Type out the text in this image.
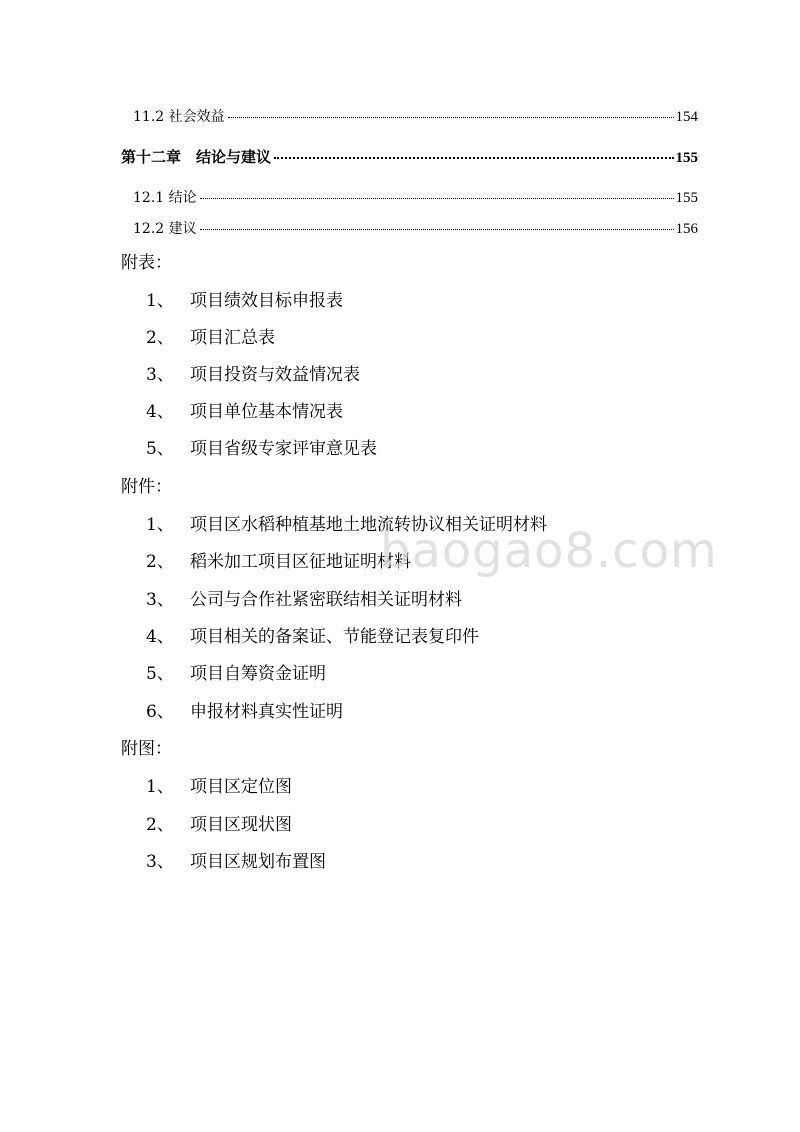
11.2 社会效益	154
第十二章　结论与建议	155
12.1 结论	155
12.2 建议	156
附表：
1、 项目绩效目标申报表
2、 项目汇总表
3、 项目投资与效益情况表
4、 项目单位基本情况表
5、 项目省级专家评审意见表
附件：
1、 项目区水稻种植基地土地流转协议相关证明材料
2、 稻米加工项目区征地证明材料
3、 公司与合作社紧密联结相关证明材料
4、 项目相关的备案证、节能登记表复印件
5、 项目自筹资金证明
6、 申报材料真实性证明
附图：
1、 项目区定位图
2、 项目区现状图
3、 项目区规划布置图
baogao8.com
